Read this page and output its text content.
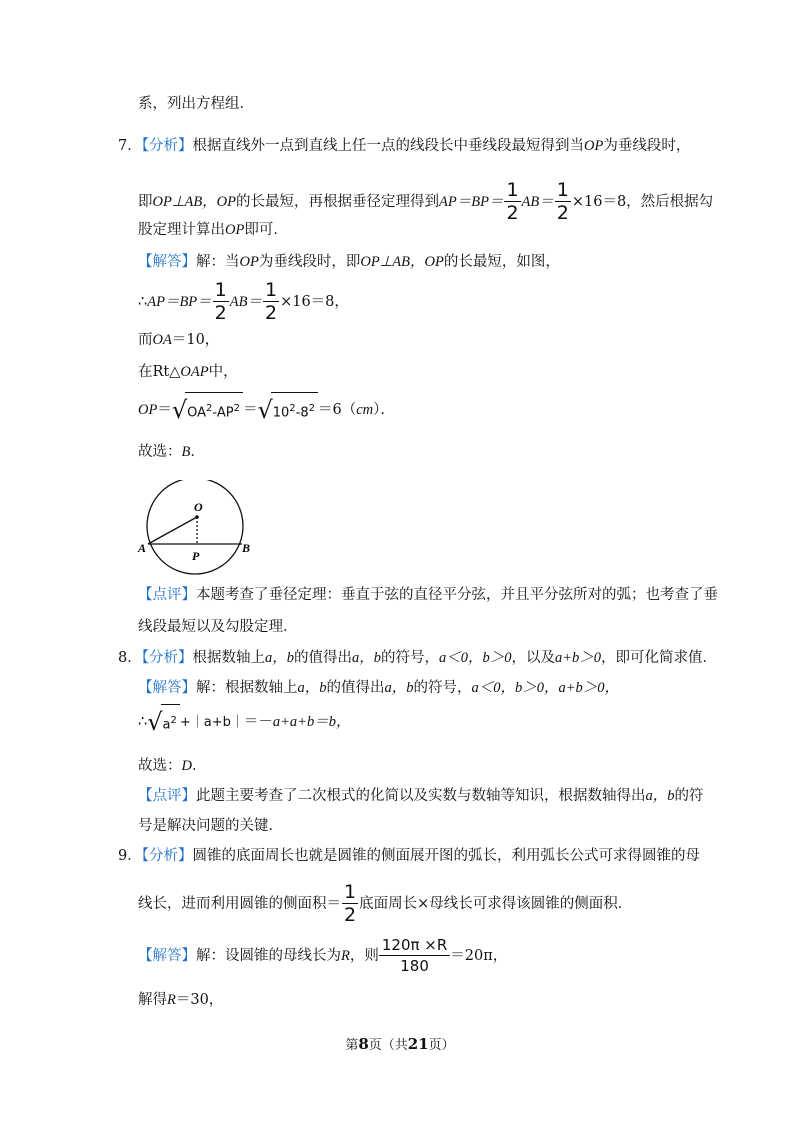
系，列出方程组．
7．【分析】根据直线外一点到直线上任一点的线段长中垂线段最短得到当OP为垂线段时，
即OP⊥AB，OP的长最短，再根据垂径定理得到$AP=BP= \frac{1}{2} AB= \frac{1}{2} \times 16=8$，然后根据勾
股定理计算出OP即可．
【解答】解：当OP为垂线段时，即OP⊥AB，OP的长最短，如图，
∴AP＝BP＝ $\frac{1}{2} AB= \frac{1}{2} \times 16=8$，
而OA＝10，
在Rt△OAP中，
$OP=√OA^2-AP^2 =√10^2-8^2 =6(cm)$．
故选：B．
O
A
P
B
【点评】本题考查了垂径定理：垂直于弦的直径平分弦，并且平分弦所对的弧；也考查了垂
线段最短以及勾股定理．
8．【分析】根据数轴上a，b的值得出a，b的符号，a＜0，b＞0，以及a+b＞0，即可化简求值．
【解答】解：根据数轴上a，b的值得出a，b的符号，a＜0，b＞0，a+b＞0，
$\therefore√a^2$ +｜a+b｜＝－a+a+b＝b，
故选：D．
【点评】此题主要考查了二次根式的化简以及实数与数轴等知识，根据数轴得出a，b的符
号是解决问题的关键．
9．【分析】圆锥的底面周长也就是圆锥的侧面展开图的弧长，利用弧长公式可求得圆锥的母
线长，进而利用圆锥的侧面积＝ $\frac{1}{2}$ 底面周长×母线长可求得该圆锥的侧面积．
【解答】解：设圆锥的母线长为R，则 $\frac{120\pi \times R}{180} =20\pi$，
解得R＝30，
第8页（共21页）
